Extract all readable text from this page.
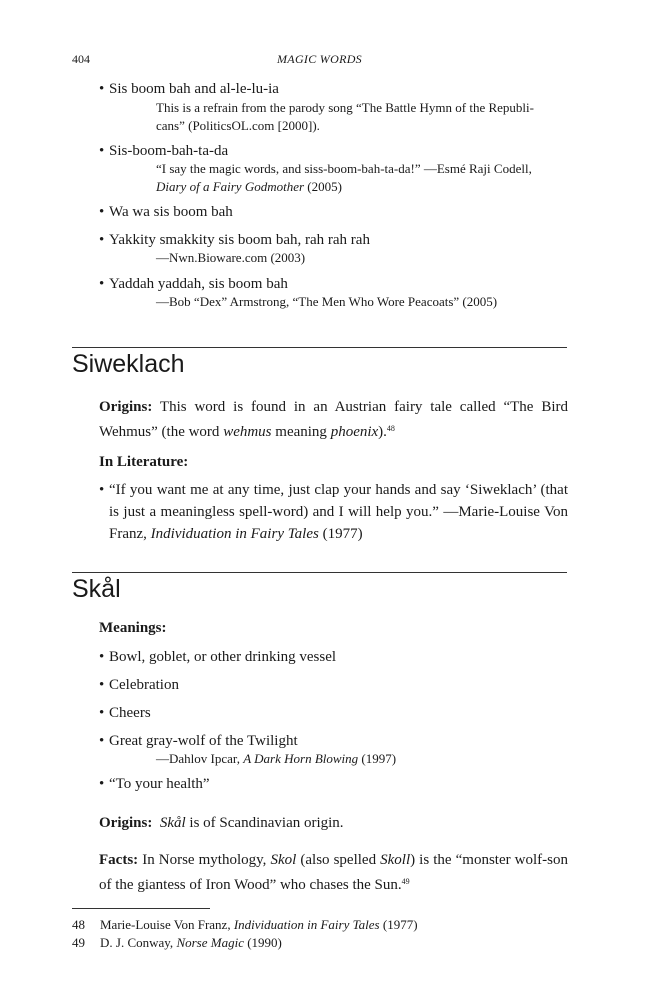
404	MAGIC WORDS
• Sis boom bah and al-le-lu-ia
This is a refrain from the parody song “The Battle Hymn of the Republi-
cans” (PoliticsOL.com [2000]).
• Sis-boom-bah-ta-da
“I say the magic words, and siss-boom-bah-ta-da!” —Esmé Raji Codell,
Diary of a Fairy Godmother (2005)
• Wa wa sis boom bah
• Yakkity smakkity sis boom bah, rah rah rah
—Nwn.Bioware.com (2003)
• Yaddah yaddah, sis boom bah
—Bob “Dex” Armstrong, “The Men Who Wore Peacoats” (2005)
Siweklach
Origins: This word is found in an Austrian fairy tale called “The Bird Wehmus” (the word wehmus meaning phoenix).$^{48}$
In Literature:
• “If you want me at any time, just clap your hands and say ‘Siweklach’ (that is just a meaningless spell-word) and I will help you.” —Marie-Louise Von Franz, Individuation in Fairy Tales (1977)
Skål
Meanings:
• Bowl, goblet, or other drinking vessel
• Celebration
• Cheers
• Great gray-wolf of the Twilight
—Dahlov Ipcar, A Dark Horn Blowing (1997)
• “To your health”
Origins: Skål is of Scandinavian origin.
Facts: In Norse mythology, Skol (also spelled Skoll) is the “monster wolf-son of the giantess of Iron Wood” who chases the Sun.$^{49}$
48 Marie-Louise Von Franz, Individuation in Fairy Tales (1977)
49 D. J. Conway, Norse Magic (1990)
